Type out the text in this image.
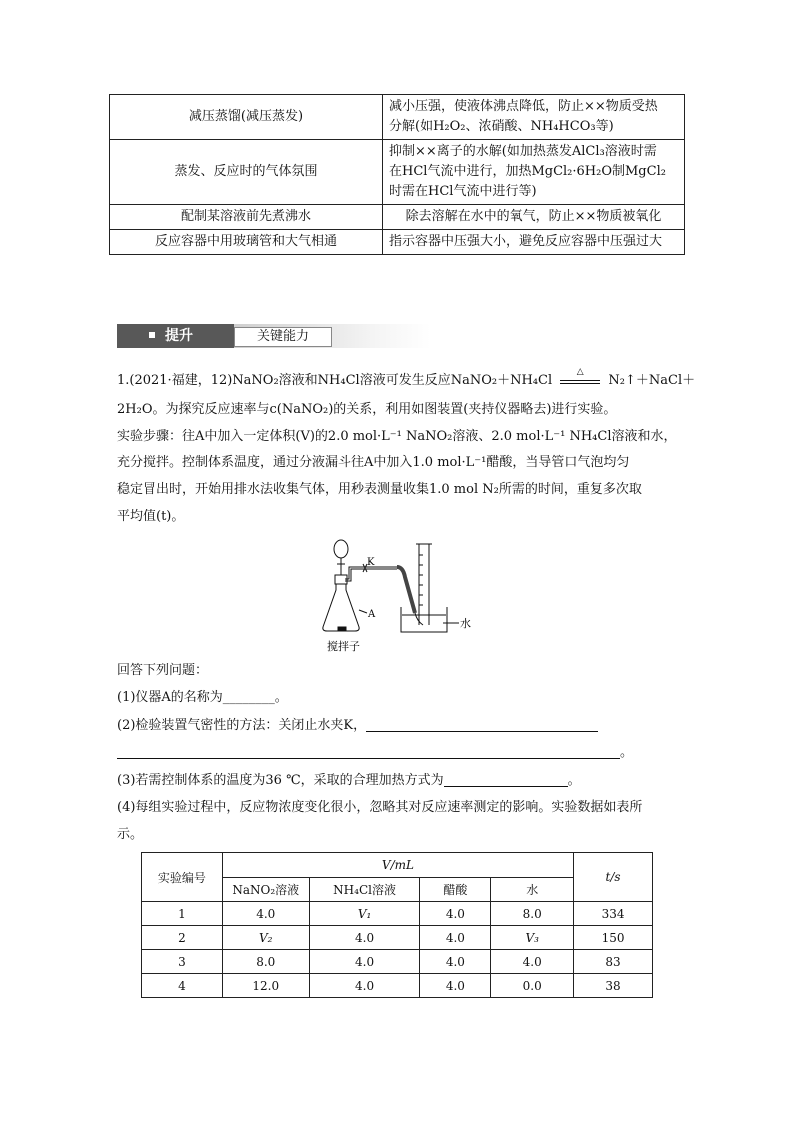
减压蒸馏(减压蒸发)	减小压强，使液体沸点降低，防止××物质受热
分解(如H₂O₂、浓硝酸、NH₄HCO₃等)

蒸发、反应时的气体氛围	抑制××离子的水解(如加热蒸发AlCl₃溶液时需
在HCl气流中进行，加热MgCl₂·6H₂O制MgCl₂
时需在HCl气流中进行等)

配制某溶液前先煮沸水	除去溶解在水中的氧气，防止××物质被氧化

反应容器中用玻璃管和大气相通	指示容器中压强大小，避免反应容器中压强过大
提升	关键能力
1.(2021·福建，12)NaNO₂溶液和NH₄Cl溶液可发生反应NaNO₂＋NH₄Cl
△
N₂↑＋NaCl＋
2H₂O。为探究反应速率与c(NaNO₂)的关系，利用如图装置(夹持仪器略去)进行实验。
实验步骤：往A中加入一定体积(V)的2.0 mol·L⁻¹ NaNO₂溶液、2.0 mol·L⁻¹ NH₄Cl溶液和水，
充分搅拌。控制体系温度，通过分液漏斗往A中加入1.0 mol·L⁻¹醋酸，当导管口气泡均匀
稳定冒出时，开始用排水法收集气体，用秒表测量收集1.0 mol N₂所需的时间，重复多次取
平均值(t)。
K
A
水
搅拌子
回答下列问题：
(1)仪器A的名称为________。
(2)检验装置气密性的方法：关闭止水夹K，
。
(3)若需控制体系的温度为36 ℃，采取的合理加热方式为	。
(4)每组实验过程中，反应物浓度变化很小，忽略其对反应速率测定的影响。实验数据如表所
示。
实验编号	V/mL				t/s
	NaNO₂溶液	NH₄Cl溶液	醋酸	水	
1	4.0	V₁	4.0	8.0	334
2	V₂	4.0	4.0	V₃	150
3	8.0	4.0	4.0	4.0	83
4	12.0	4.0	4.0	0.0	38
